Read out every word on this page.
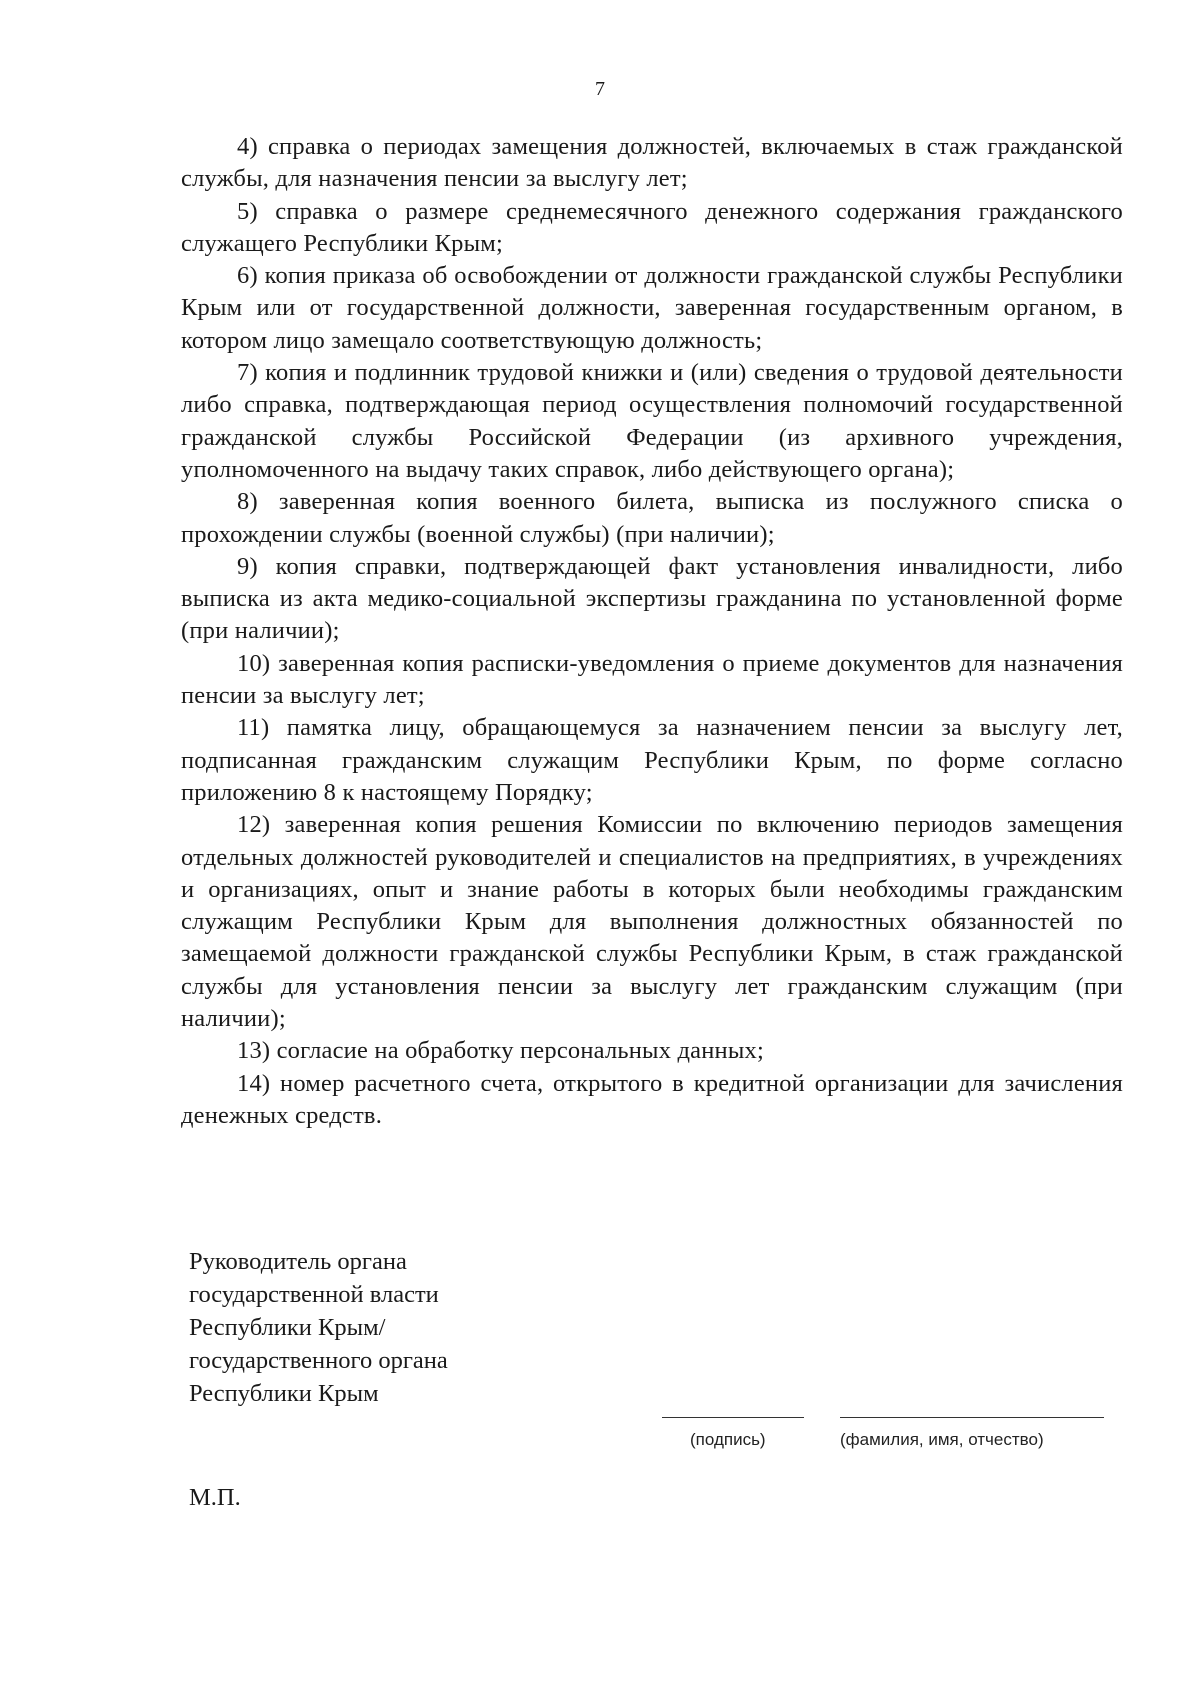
7

4) справка о периодах замещения должностей, включаемых в стаж гражданской службы, для назначения пенсии за выслугу лет;

5) справка о размере среднемесячного денежного содержания гражданского служащего Республики Крым;

6) копия приказа об освобождении от должности гражданской службы Республики Крым или от государственной должности, заверенная государственным органом, в котором лицо замещало соответствующую должность;

7) копия и подлинник трудовой книжки и (или) сведения о трудовой деятельности либо справка, подтверждающая период осуществления полномочий государственной гражданской службы Российской Федерации (из архивного учреждения, уполномоченного на выдачу таких справок, либо действующего органа);

8) заверенная копия военного билета, выписка из послужного списка о прохождении службы (военной службы) (при наличии);

9) копия справки, подтверждающей факт установления инвалидности, либо выписка из акта медико-социальной экспертизы гражданина по установленной форме (при наличии);

10) заверенная копия расписки-уведомления о приеме документов для назначения пенсии за выслугу лет;

11) памятка лицу, обращающемуся за назначением пенсии за выслугу лет, подписанная гражданским служащим Республики Крым, по форме согласно приложению 8 к настоящему Порядку;

12) заверенная копия решения Комиссии по включению периодов замещения отдельных должностей руководителей и специалистов на предприятиях, в учреждениях и организациях, опыт и знание работы в которых были необходимы гражданским служащим Республики Крым для выполнения должностных обязанностей по замещаемой должности гражданской службы Республики Крым, в стаж гражданской службы для установления пенсии за выслугу лет гражданским служащим (при наличии);

13) согласие на обработку персональных данных;

14) номер расчетного счета, открытого в кредитной организации для зачисления денежных средств.

Руководитель органа
государственной власти
Республики Крым/
государственного органа
Республики Крым
(подпись)	(фамилия, имя, отчество)
М.П.
